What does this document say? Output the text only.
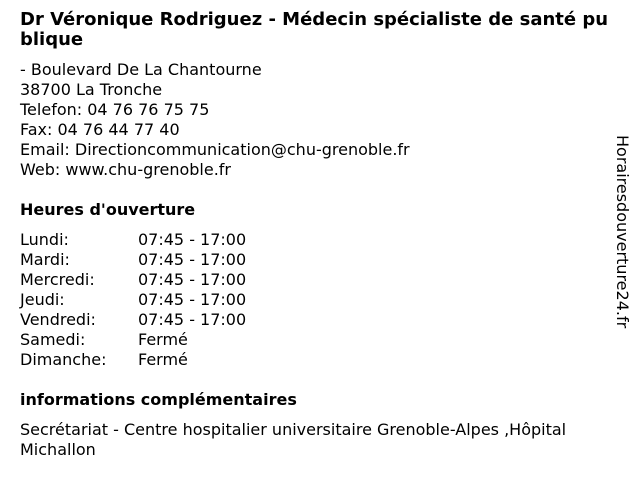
Dr Véronique Rodriguez - Médecin spécialiste de santé publique
- Boulevard De La Chantourne
38700 La Tronche
Telefon: 04 76 76 75 75
Fax: 04 76 44 77 40
Email: Directioncommunication@chu-grenoble.fr
Web: www.chu-grenoble.fr
Heures d'ouverture
Lundi:	07:45 - 17:00
Mardi:	07:45 - 17:00
Mercredi:	07:45 - 17:00
Jeudi:	07:45 - 17:00
Vendredi:	07:45 - 17:00
Samedi:	Fermé
Dimanche:	Fermé
informations complémentaires
Secrétariat - Centre hospitalier universitaire Grenoble-Alpes ,Hôpital Michallon
Horairesdouverture24.fr
